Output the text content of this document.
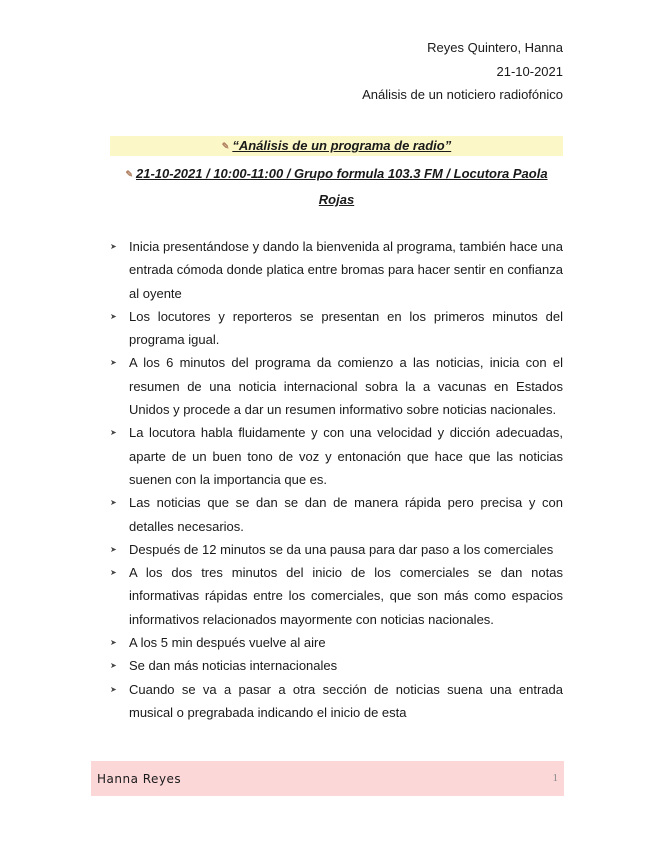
Reyes Quintero, Hanna
21-10-2021
Análisis de un noticiero radiofónico
✎ “Análisis de un programa de radio”
✎ 21-10-2021 / 10:00-11:00 / Grupo formula 103.3 FM / Locutora Paola Rojas
➤ Inicia presentándose y dando la bienvenida al programa, también hace una entrada cómoda donde platica entre bromas para hacer sentir en confianza al oyente
➤ Los locutores y reporteros se presentan en los primeros minutos del programa igual.
➤ A los 6 minutos del programa da comienzo a las noticias, inicia con el resumen de una noticia internacional sobra la a vacunas en Estados Unidos y procede a dar un resumen informativo sobre noticias nacionales.
➤ La locutora habla fluidamente y con una velocidad y dicción adecuadas, aparte de un buen tono de voz y entonación que hace que las noticias suenen con la importancia que es.
➤ Las noticias que se dan se dan de manera rápida pero precisa y con detalles necesarios.
➤ Después de 12 minutos se da una pausa para dar paso a los comerciales
➤ A los dos tres minutos del inicio de los comerciales se dan notas informativas rápidas entre los comerciales, que son más como espacios informativos relacionados mayormente con noticias nacionales.
➤ A los 5 min después vuelve al aire
➤ Se dan más noticias internacionales
➤ Cuando se va a pasar a otra sección de noticias suena una entrada musical o pregrabada indicando el inicio de esta
Hanna Reyes	1
